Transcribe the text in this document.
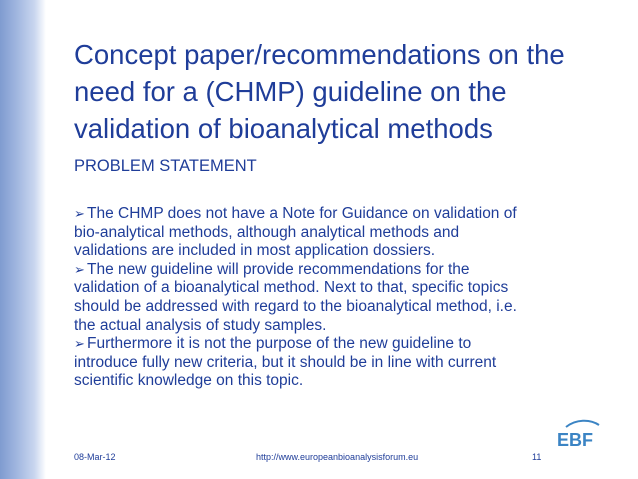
Concept paper/recommendations on the
need for a (CHMP) guideline on the
validation of bioanalytical methods

PROBLEM STATEMENT

➢ The CHMP does not have a Note for Guidance on validation of
bio-analytical methods, although analytical methods and
validations are included in most application dossiers.
➢ The new guideline will provide recommendations for the
validation of a bioanalytical method. Next to that, specific topics
should be addressed with regard to the bioanalytical method, i.e.
the actual analysis of study samples.
➢ Furthermore it is not the purpose of the new guideline to
introduce fully new criteria, but it should be in line with current
scientific knowledge on this topic.
EBF
08-Mar-12	http://www.europeanbioanalysisforum.eu	11
